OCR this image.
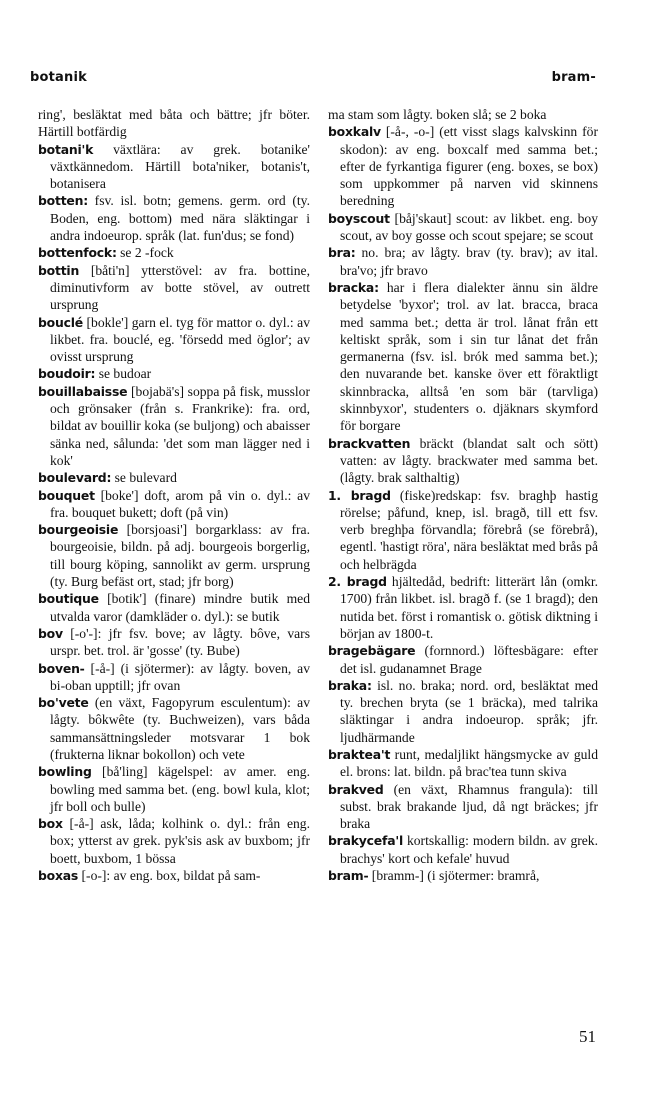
botanik	bram-
ring', besläktat med båta och bättre; jfr böter. Härtill botfärdig
botani'k växtlära: av grek. botanike' växtkännedom. Härtill bota'niker, botanis't, botanisera
botten: fsv. isl. botn; gemens. germ. ord (ty. Boden, eng. bottom) med nära släktingar i andra indoeurop. språk (lat. fun'dus; se fond)
bottenfock: se 2 -fock
bottin [båti'n] ytterstövel: av fra. bottine, diminutivform av botte stövel, av outrett ursprung
bouclé [bokle'] garn el. tyg för mattor o. dyl.: av likbet. fra. bouclé, eg. 'försedd med öglor'; av ovisst ursprung
boudoir: se budoar
bouillabaisse [bojabä's] soppa på fisk, musslor och grönsaker (från s. Frankrike): fra. ord, bildat av bouillir koka (se buljong) och abaisser sänka ned, sålunda: 'det som man lägger ned i kok'
boulevard: se bulevard
bouquet [boke'] doft, arom på vin o. dyl.: av fra. bouquet bukett; doft (på vin)
bourgeoisie [borsjoasi'] borgarklass: av fra. bourgeoisie, bildn. på adj. bourgeois borgerlig, till bourg köping, sannolikt av germ. ursprung (ty. Burg befäst ort, stad; jfr borg)
boutique [botik'] (finare) mindre butik med utvalda varor (damkläder o. dyl.): se butik
bov [-o'-]: jfr fsv. bove; av lågty. bôve, vars urspr. bet. trol. är 'gosse' (ty. Bube)
boven- [-å-] (i sjötermer): av lågty. boven, av bi-oban upptill; jfr ovan
bo'vete (en växt, Fagopyrum esculentum): av lågty. bôkwête (ty. Buchweizen), vars båda sammansättningsleder motsvarar 1 bok (frukterna liknar bokollon) och vete
bowling [bå'ling] kägelspel: av amer. eng. bowling med samma bet. (eng. bowl kula, klot; jfr boll och bulle)
box [-å-] ask, låda; kolhink o. dyl.: från eng. box; ytterst av grek. pyk'sis ask av buxbom; jfr boett, buxbom, 1 bössa
boxas [-o-]: av eng. box, bildat på sam-
ma stam som lågty. boken slå; se 2 boka
boxkalv [-å-, -o-] (ett visst slags kalvskinn för skodon): av eng. boxcalf med samma bet.; efter de fyrkantiga figurer (eng. boxes, se box) som uppkommer på narven vid skinnens beredning
boyscout [båj'skaut] scout: av likbet. eng. boy scout, av boy gosse och scout spejare; se scout
bra: no. bra; av lågty. brav (ty. brav); av ital. bra'vo; jfr bravo
bracka: har i flera dialekter ännu sin äldre betydelse 'byxor'; trol. av lat. bracca, braca med samma bet.; detta är trol. lånat från ett keltiskt språk, som i sin tur lånat det från germanerna (fsv. isl. brók med samma bet.); den nuvarande bet. kanske över ett föraktligt skinnbracka, alltså 'en som bär (tarvliga) skinnbyxor', studenters o. djäknars skymford för borgare
brackvatten bräckt (blandat salt och sött) vatten: av lågty. brackwater med samma bet. (lågty. brak salthaltig)
1. bragd (fiske)redskap: fsv. braghþ hastig rörelse; påfund, knep, isl. bragð, till ett fsv. verb breghþa förvandla; förebrå (se förebrå), egentl. 'hastigt röra', nära besläktat med brås på och helbrägda
2. bragd hjältedåd, bedrift: litterärt lån (omkr. 1700) från likbet. isl. bragð f. (se 1 bragd); den nutida bet. först i romantisk o. götisk diktning i början av 1800-t.
bragebägare (fornnord.) löftesbägare: efter det isl. gudanamnet Brage
braka: isl. no. braka; nord. ord, besläktat med ty. brechen bryta (se 1 bräcka), med talrika släktingar i andra indoeurop. språk; jfr. ljudhärmande
braktea't runt, medaljlikt hängsmycke av guld el. brons: lat. bildn. på brac'tea tunn skiva
brakved (en växt, Rhamnus frangula): till subst. brak brakande ljud, då ngt bräckes; jfr braka
brakycefa'l kortskallig: modern bildn. av grek. brachys' kort och kefale' huvud
bram- [bramm-] (i sjötermer: bramrå,
51
